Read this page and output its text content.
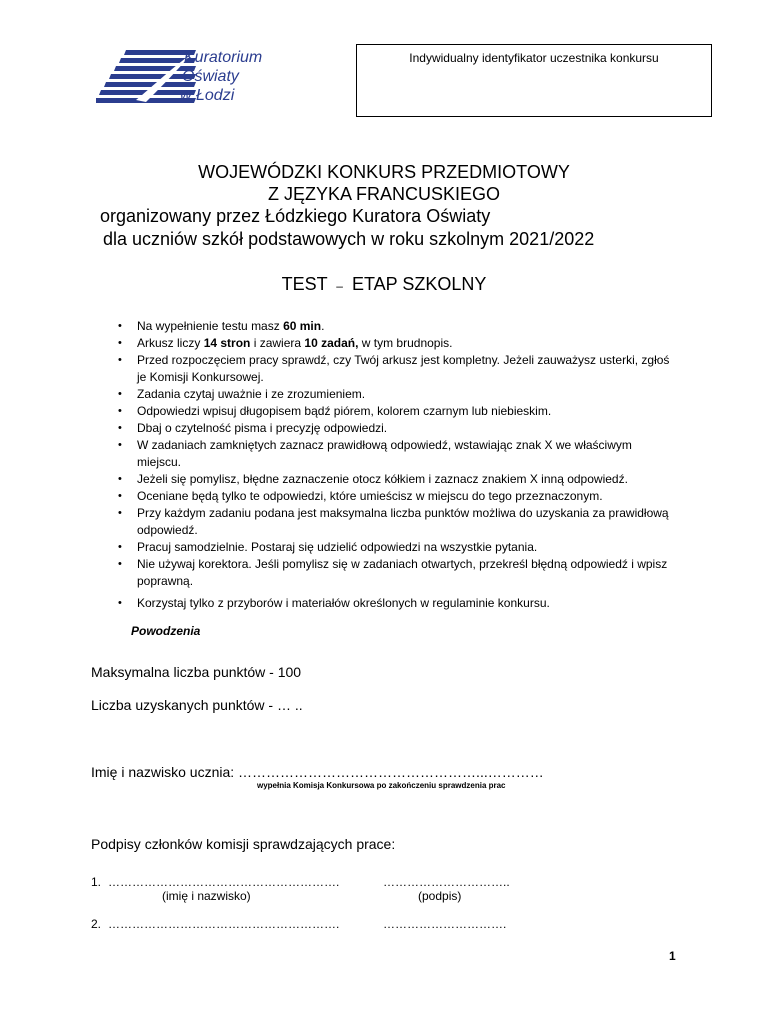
Kuratorium
Oświaty
w Łodzi
Indywidualny identyfikator uczestnika konkursu
WOJEWÓDZKI KONKURS PRZEDMIOTOWY
Z JĘZYKA FRANCUSKIEGO
organizowany przez Łódzkiego Kuratora Oświaty
dla uczniów szkół podstawowych w roku szkolnym 2021/2022
TEST – ETAP SZKOLNY
• Na wypełnienie testu masz 60 min.
• Arkusz liczy 14 stron i zawiera 10 zadań, w tym brudnopis.
• Przed rozpoczęciem pracy sprawdź, czy Twój arkusz jest kompletny. Jeżeli zauważysz usterki, zgłoś je Komisji Konkursowej.
• Zadania czytaj uważnie i ze zrozumieniem.
• Odpowiedzi wpisuj długopisem bądź piórem, kolorem czarnym lub niebieskim.
• Dbaj o czytelność pisma i precyzję odpowiedzi.
• W zadaniach zamkniętych zaznacz prawidłową odpowiedź, wstawiając znak X we właściwym miejscu.
• Jeżeli się pomylisz, błędne zaznaczenie otocz kółkiem i zaznacz znakiem X inną odpowiedź.
• Oceniane będą tylko te odpowiedzi, które umieścisz w miejscu do tego przeznaczonym.
• Przy każdym zadaniu podana jest maksymalna liczba punktów możliwa do uzyskania za prawidłową odpowiedź.
• Pracuj samodzielnie. Postaraj się udzielić odpowiedzi na wszystkie pytania.
• Nie używaj korektora. Jeśli pomylisz się w zadaniach otwartych, przekreśl błędną odpowiedź i wpisz poprawną.
• Korzystaj tylko z przyborów i materiałów określonych w regulaminie konkursu.
Powodzenia
Maksymalna liczba punktów - 100
Liczba uzyskanych punktów - … ..
Imię i nazwisko ucznia: ……………………………………………...…………
wypełnia Komisja Konkursowa po zakończeniu sprawdzenia prac
Podpisy członków komisji sprawdzających prace:
1. ………………………………………………….	…………………………..
(imię i nazwisko)	(podpis)
2. ………………………………………………….	………………………….
1
